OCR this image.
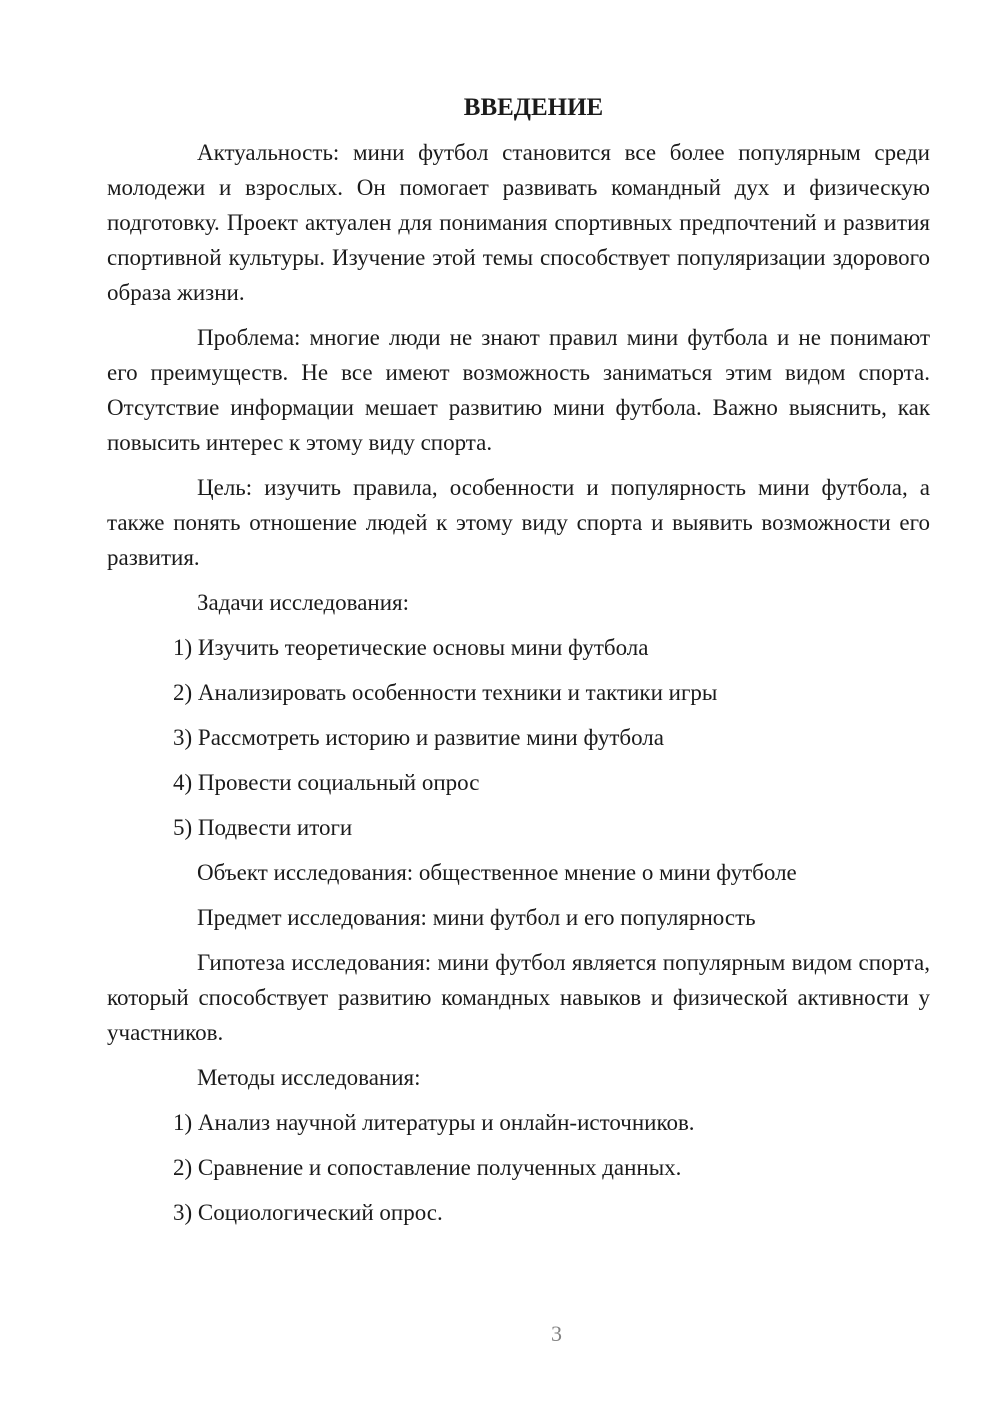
ВВЕДЕНИЕ

Актуальность: мини футбол становится все более популярным среди молодежи и взрослых. Он помогает развивать командный дух и физическую подготовку. Проект актуален для понимания спортивных предпочтений и развития спортивной культуры. Изучение этой темы способствует популяризации здорового образа жизни.

Проблема: многие люди не знают правил мини футбола и не понимают его преимуществ. Не все имеют возможность заниматься этим видом спорта. Отсутствие информации мешает развитию мини футбола. Важно выяснить, как повысить интерес к этому виду спорта.

Цель: изучить правила, особенности и популярность мини футбола, а также понять отношение людей к этому виду спорта и выявить возможности его развития.

Задачи исследования:

1) Изучить теоретические основы мини футбола

2) Анализировать особенности техники и тактики игры

3) Рассмотреть историю и развитие мини футбола

4) Провести социальный опрос

5) Подвести итоги

Объект исследования: общественное мнение о мини футболе

Предмет исследования: мини футбол и его популярность

Гипотеза исследования: мини футбол является популярным видом спорта, который способствует развитию командных навыков и физической активности у участников.

Методы исследования:

1) Анализ научной литературы и онлайн-источников.

2) Сравнение и сопоставление полученных данных.

3) Социологический опрос.

3
